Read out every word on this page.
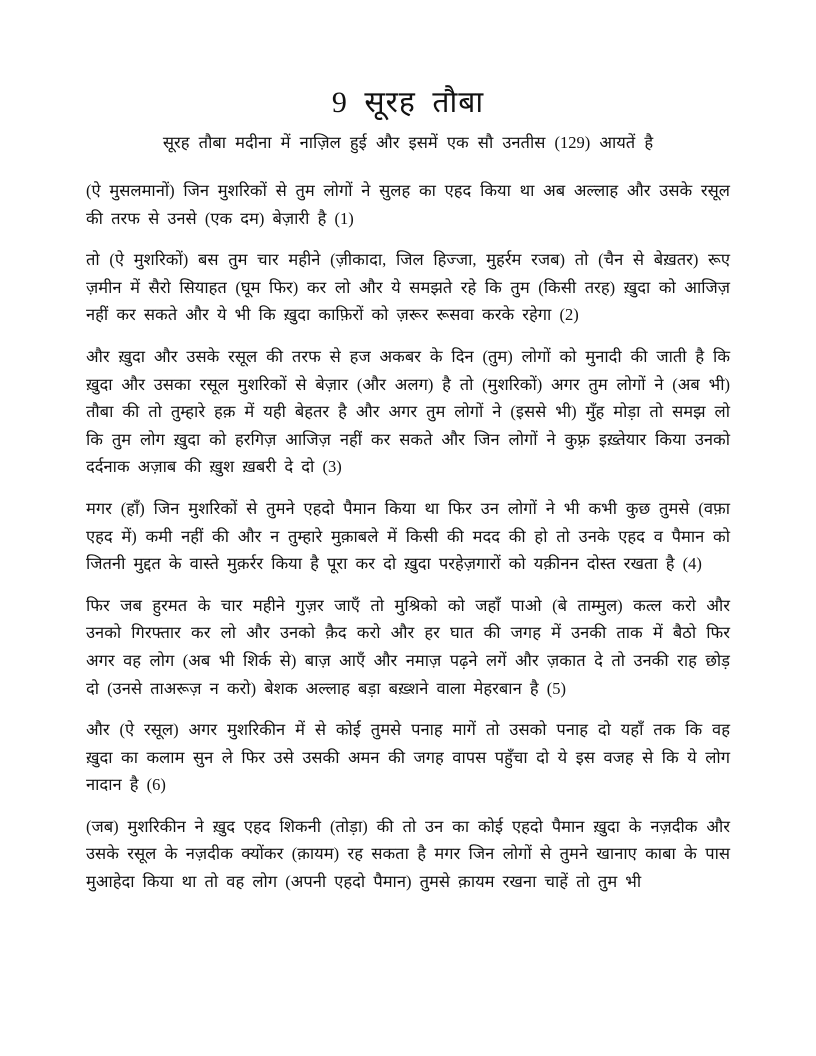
9 सूरह तौबा
सूरह तौबा मदीना में नाज़िल हुई और इसमें एक सौ उनतीस (129) आयतें है

(ऐ मुसलमानों) जिन मुशरिकों से तुम लोगों ने सुलह का एहद किया था अब अल्लाह और उसके रसूल की तरफ से उनसे (एक दम) बेज़ारी है (1)

तो (ऐ मुशरिकों) बस तुम चार महीने (ज़ीकादा, जिल हिज्जा, मुहर्रम रजब) तो (चैन से बेख़तर) रूए ज़मीन में सैरो सियाहत (घूम फिर) कर लो और ये समझते रहे कि तुम (किसी तरह) ख़ुदा को आजिज़ नहीं कर सकते और ये भी कि ख़ुदा काफ़िरों को ज़रूर रूसवा करके रहेगा (2)

और ख़ुदा और उसके रसूल की तरफ से हज अकबर के दिन (तुम) लोगों को मुनादी की जाती है कि ख़ुदा और उसका रसूल मुशरिकों से बेज़ार (और अलग) है तो (मुशरिकों) अगर तुम लोगों ने (अब भी) तौबा की तो तुम्हारे हक़ में यही बेहतर है और अगर तुम लोगों ने (इससे भी) मुँह मोड़ा तो समझ लो कि तुम लोग ख़ुदा को हरगिज़ आजिज़ नहीं कर सकते और जिन लोगों ने कुफ़्र इख़्तेयार किया उनको दर्दनाक अज़ाब की ख़ुश ख़बरी दे दो (3)

मगर (हाँ) जिन मुशरिकों से तुमने एहदो पैमान किया था फिर उन लोगों ने भी कभी कुछ तुमसे (वफ़ा एहद में) कमी नहीं की और न तुम्हारे मुक़ाबले में किसी की मदद की हो तो उनके एहद व पैमान को जितनी मुद्दत के वास्ते मुक़र्रर किया है पूरा कर दो ख़ुदा परहेज़गारों को यक़ीनन दोस्त रखता है (4)

फिर जब हुरमत के चार महीने गुज़र जाएँ तो मुश्रिको को जहाँ पाओ (बे ताम्मुल) कत्ल करो और उनको गिरफ्तार कर लो और उनको क़ैद करो और हर घात की जगह में उनकी ताक में बैठो फिर अगर वह लोग (अब भी शिर्क से) बाज़ आएँ और नमाज़ पढ़ने लगें और ज़कात दे तो उनकी राह छोड़ दो (उनसे ताअरूज़ न करो) बेशक अल्लाह बड़ा बख़्शने वाला मेहरबान है (5)

और (ऐ रसूल) अगर मुशरिकीन में से कोई तुमसे पनाह मागें तो उसको पनाह दो यहाँ तक कि वह ख़ुदा का कलाम सुन ले फिर उसे उसकी अमन की जगह वापस पहुँचा दो ये इस वजह से कि ये लोग नादान है (6)

(जब) मुशरिकीन ने ख़ुद एहद शिकनी (तोड़ा) की तो उन का कोई एहदो पैमान ख़ुदा के नज़दीक और उसके रसूल के नज़दीक क्योंकर (क़ायम) रह सकता है मगर जिन लोगों से तुमने खानाए काबा के पास मुआहेदा किया था तो वह लोग (अपनी एहदो पैमान) तुमसे क़ायम रखना चाहें तो तुम भी
